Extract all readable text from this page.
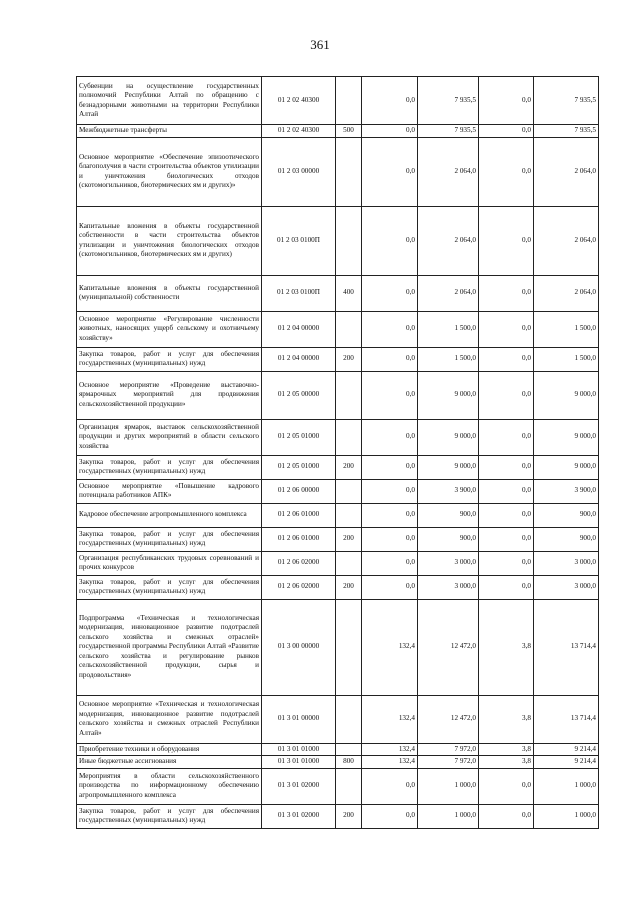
361
Субвенции на осуществление государственных полномочий Республики Алтай по обращению с безнадзорными животными на территории Республики Алтай	01 2 02 40300		0,0	7 935,5	0,0	7 935,5
Межбюджетные трансферты	01 2 02 40300	500	0,0	7 935,5	0,0	7 935,5
Основное мероприятие «Обеспечение эпизоотического благополучия в части строительства объектов утилизации и уничтожения биологических отходов (скотомогильников, биотермических ям и других)»	01 2 03 00000		0,0	2 064,0	0,0	2 064,0
Капитальные вложения в объекты государственной собственности в части строительства объектов утилизации и уничтожения биологических отходов (скотомогильников, биотермических ям и других)	01 2 03 0100П		0,0	2 064,0	0,0	2 064,0
Капитальные вложения в объекты государственной (муниципальной) собственности	01 2 03 0100П	400	0,0	2 064,0	0,0	2 064,0
Основное мероприятие «Регулирование численности животных, наносящих ущерб сельскому и охотничьему хозяйству»	01 2 04 00000		0,0	1 500,0	0,0	1 500,0
Закупка товаров, работ и услуг для обеспечения государственных (муниципальных) нужд	01 2 04 00000	200	0,0	1 500,0	0,0	1 500,0
Основное мероприятие «Проведение выставочно-ярмарочных мероприятий для продвижения сельскохозяйственной продукции»	01 2 05 00000		0,0	9 000,0	0,0	9 000,0
Организация ярмарок, выставок сельскохозяйственной продукции и других мероприятий в области сельского хозяйства	01 2 05 01000		0,0	9 000,0	0,0	9 000,0
Закупка товаров, работ и услуг для обеспечения государственных (муниципальных) нужд	01 2 05 01000	200	0,0	9 000,0	0,0	9 000,0
Основное мероприятие «Повышение кадрового потенциала работников АПК»	01 2 06 00000		0,0	3 900,0	0,0	3 900,0
Кадровое обеспечение агропромышленного комплекса	01 2 06 01000		0,0	900,0	0,0	900,0
Закупка товаров, работ и услуг для обеспечения государственных (муниципальных) нужд	01 2 06 01000	200	0,0	900,0	0,0	900,0
Организация республиканских трудовых соревнований и прочих конкурсов	01 2 06 02000		0,0	3 000,0	0,0	3 000,0
Закупка товаров, работ и услуг для обеспечения государственных (муниципальных) нужд	01 2 06 02000	200	0,0	3 000,0	0,0	3 000,0
Подпрограмма «Техническая и технологическая модернизация, инновационное развитие подотраслей сельского хозяйства и смежных отраслей» государственной программы Республики Алтай «Развитие сельского хозяйства и регулирование рынков сельскохозяйственной продукции, сырья и продовольствия»	01 3 00 00000		132,4	12 472,0	3,8	13 714,4
Основное мероприятие «Техническая и технологическая модернизация, инновационное развитие подотраслей сельского хозяйства и смежных отраслей Республики Алтай»	01 3 01 00000		132,4	12 472,0	3,8	13 714,4
Приобретение техники и оборудования	01 3 01 01000		132,4	7 972,0	3,8	9 214,4
Иные бюджетные ассигнования	01 3 01 01000	800	132,4	7 972,0	3,8	9 214,4
Мероприятия в области сельскохозяйственного производства по информационному обеспечению агропромышленного комплекса	01 3 01 02000		0,0	1 000,0	0,0	1 000,0
Закупка товаров, работ и услуг для обеспечения государственных (муниципальных) нужд	01 3 01 02000	200	0,0	1 000,0	0,0	1 000,0
